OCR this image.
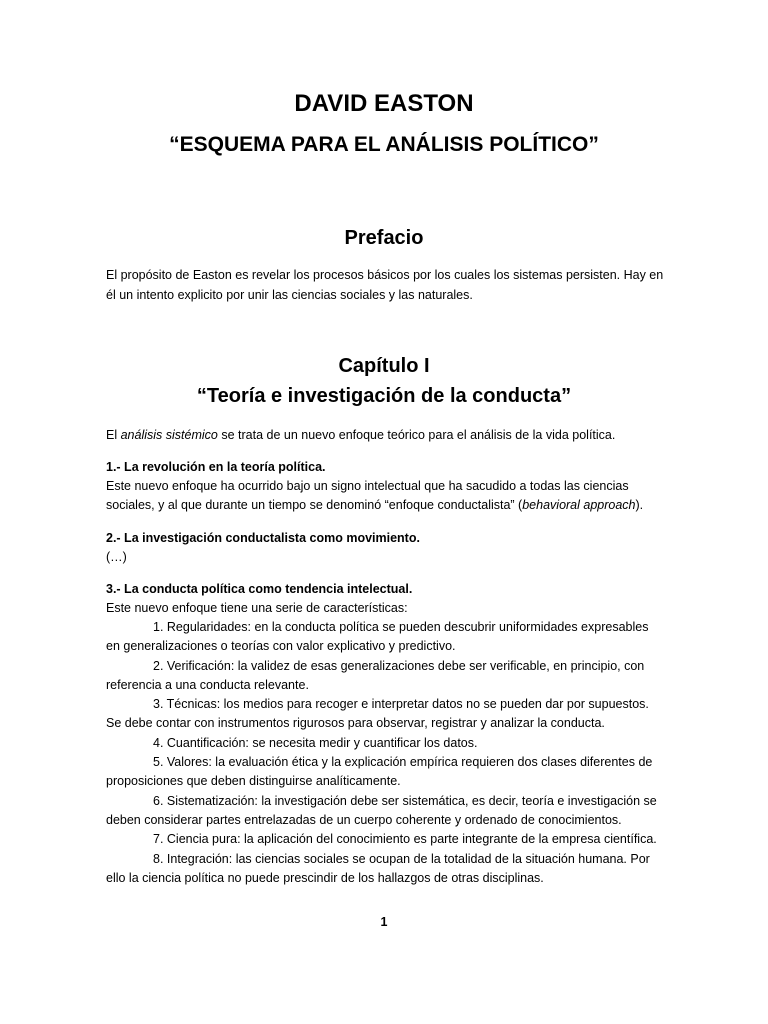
DAVID EASTON
“ESQUEMA PARA EL ANÁLISIS POLÍTICO”
Prefacio
El propósito de Easton es revelar los procesos básicos por los cuales los sistemas persisten. Hay en
él un intento explicito por unir las ciencias sociales y las naturales.
Capítulo I
“Teoría e investigación de la conducta”
El análisis sistémico se trata de un nuevo enfoque teórico para el análisis de la vida política.
1.- La revolución en la teoría política.
Este nuevo enfoque ha ocurrido bajo un signo intelectual que ha sacudido a todas las ciencias
sociales, y al que durante un tiempo se denominó “enfoque conductalista” (behavioral approach).
2.- La investigación conductalista como movimiento.
(…)
3.- La conducta política como tendencia intelectual.
Este nuevo enfoque tiene una serie de características:
1. Regularidades: en la conducta política se pueden descubrir uniformidades expresables
en generalizaciones o teorías con valor explicativo y predictivo.
2. Verificación: la validez de esas generalizaciones debe ser verificable, en principio, con
referencia a una conducta relevante.
3. Técnicas: los medios para recoger e interpretar datos no se pueden dar por supuestos.
Se debe contar con instrumentos rigurosos para observar, registrar y analizar la conducta.
4. Cuantificación: se necesita medir y cuantificar los datos.
5. Valores: la evaluación ética y la explicación empírica requieren dos clases diferentes de
proposiciones que deben distinguirse analíticamente.
6. Sistematización: la investigación debe ser sistemática, es decir, teoría e investigación se
deben considerar partes entrelazadas de un cuerpo coherente y ordenado de conocimientos.
7. Ciencia pura: la aplicación del conocimiento es parte integrante de la empresa científica.
8. Integración: las ciencias sociales se ocupan de la totalidad de la situación humana. Por
ello la ciencia política no puede prescindir de los hallazgos de otras disciplinas.
1
